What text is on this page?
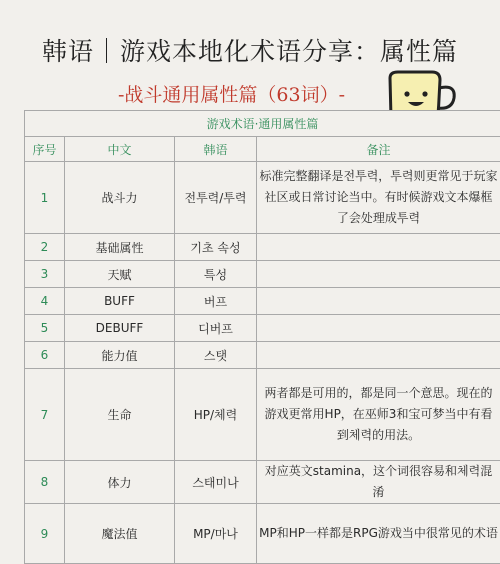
韩语｜游戏本地化术语分享：属性篇
-战斗通用属性篇（63词）-
游戏术语·通用属性篇			
序号	中文	韩语	备注
1	战斗力	전투력/투력	标准完整翻译是전투력，투력则更常见于玩家社区或日常讨论当中。有时候游戏文本爆框了会处理成투력
2	基础属性	기초 속성	
3	天赋	특성	
4	BUFF	버프	
5	DEBUFF	디버프	
6	能力值	스탯	
7	生命	HP/체력	两者都是可用的，都是同一个意思。现在的游戏更常用HP，在巫师3和宝可梦当中有看到체력的用法。
8	体力	스태미나	对应英文stamina，这个词很容易和체력混淆
9	魔法值	MP/마나	MP和HP一样都是RPG游戏当中很常见的术语
